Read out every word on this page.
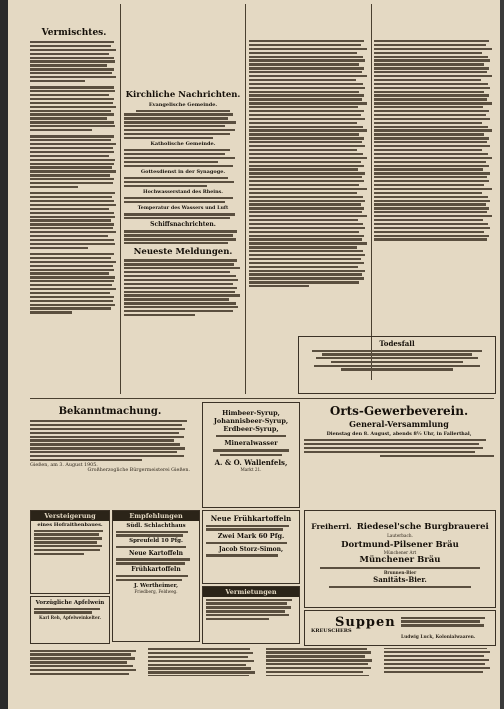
Vermischtes.
Kirchliche Nachrichten.
Evangelische Gemeinde.
Katholische Gemeinde.
Gottesdienst in der Synagoge.
Hochwasserstand des Rheins.
Temperatur des Wassers und Luft
Schiffsnachrichten.
Neueste Meldungen.
Todesfall
Bekanntmachung.
Gießen, am 3. August 1905.
Großherzogliche Bürgermeisterei Gießen.
Versteigerung
eines Hofraithenbaues.
Vorzügliche Apfelwein
Karl Reh, Apfelweinkelter.
Empfehlungen
Südl. Schlachthaus
Spreufeld 10 Pfg.
Neue Kartoffeln
Frühkartoffeln
J. Wertheimer,
Friedberg, Feldweg.
Himbeer-Syrup,
Johannisbeer-Syrup,
Erdbeer-Syrup,
Mineralwasser
A. & O. Wallenfels,
Markt 21.
Neue Frühkartoffeln
Zwei Mark 60 Pfg.
Jacob Storz-Simon,
Vermietungen
Orts-Gewerbeverein.
General-Versammlung
Dienstag den 8. August, abends 8½ Uhr, in Fallerthal,
Freiherrl. Riedesel'sche Burgbrauerei
Lauterbach.
Dortmund-Pilsener Bräu
Münchener Art
Münchener Bräu
Brunnen-Bier
Sanitäts-Bier.
KREUSCHERS
Suppen
Ludwig Luck, Kolonialwaaren.
